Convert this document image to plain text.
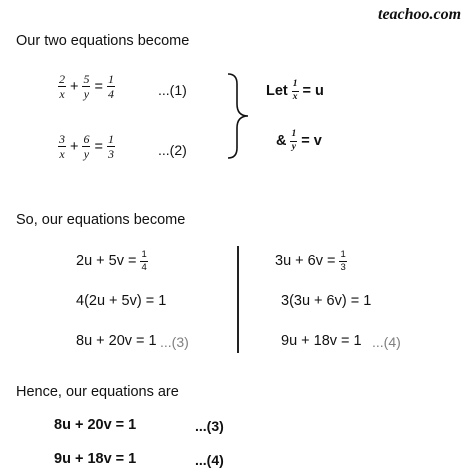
teachoo.com
Our two equations become
$\frac{2}{x} + \frac{5}{y} = \frac{1}{4}$	...(1)
$\frac{3}{x} + \frac{6}{y} = \frac{1}{3}$	...(2)
Let $\frac{1}{x} = u$
& $\frac{1}{y} = v$
So, our equations become
$2u + 5v = \frac{1}{4}$
4(2u + 5v) = 1
8u + 20v = 1 ...(3)
$3u + 6v = \frac{1}{3}$
3(3u + 6v) = 1
9u + 18v = 1 ...(4)
Hence, our equations are
8u + 20v = 1	...(3)
9u + 18v = 1	...(4)
